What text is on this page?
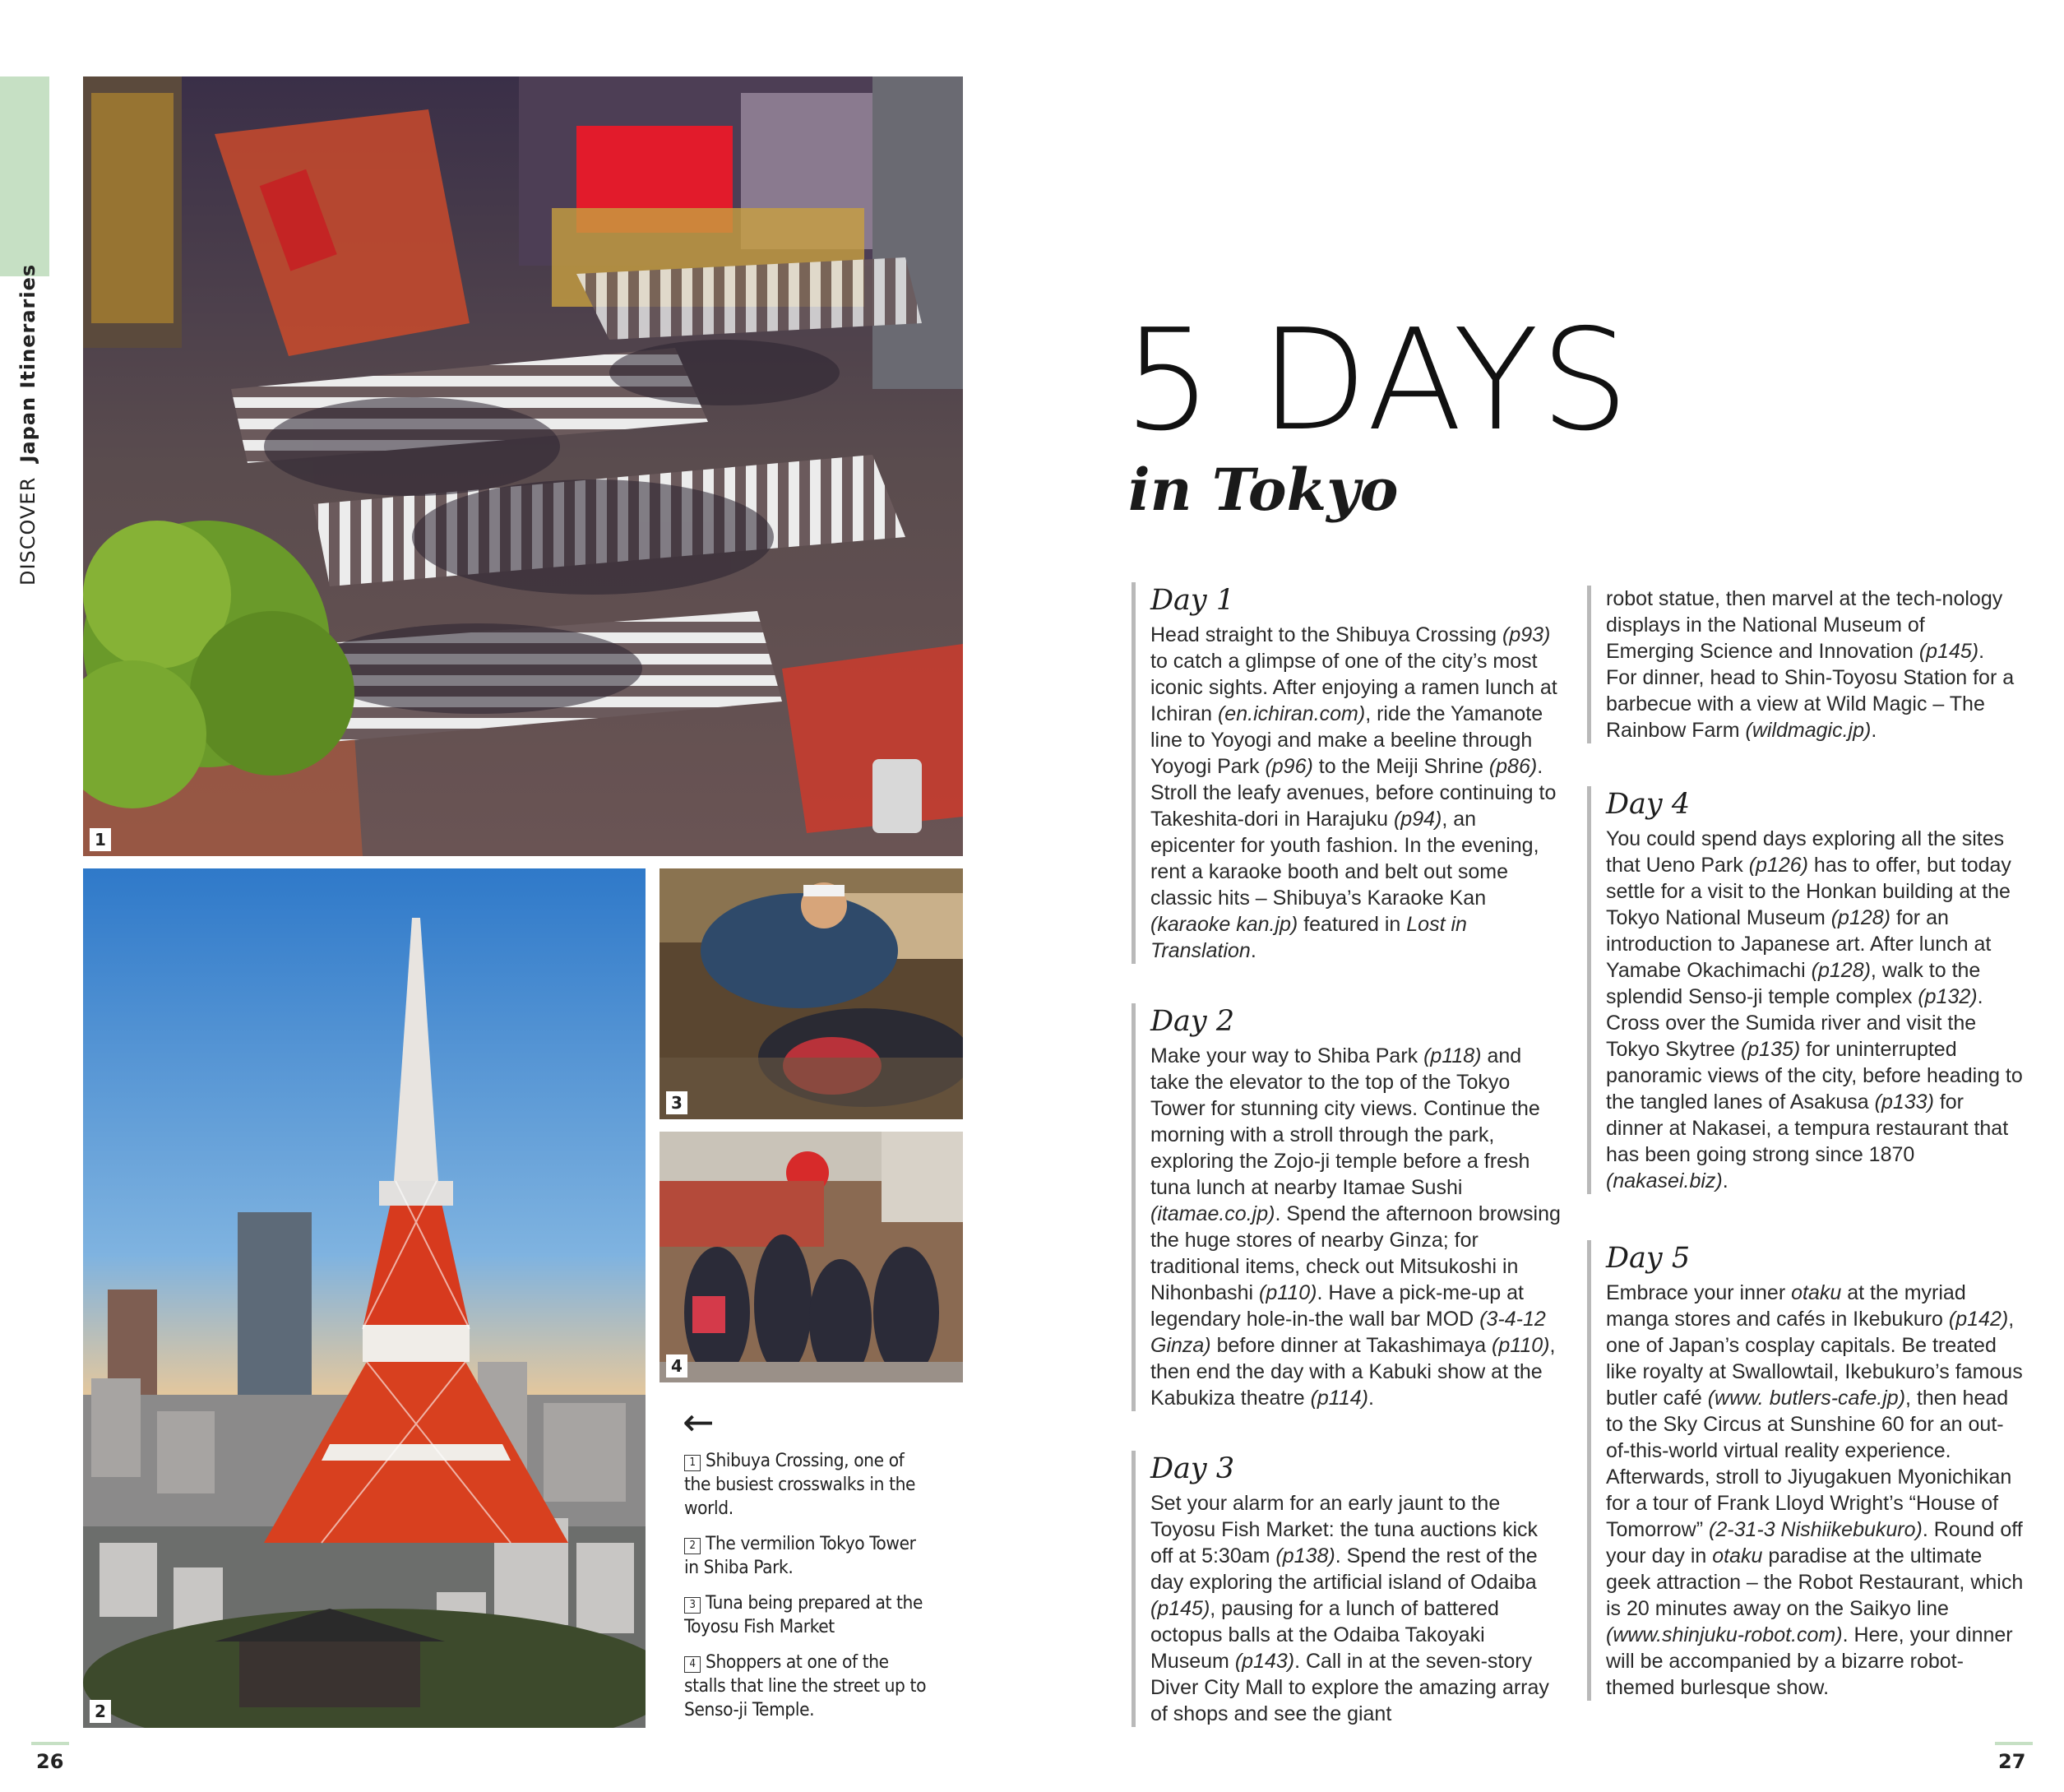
DISCOVER  Japan Itineraries
1
2
3
4
←
1 Shibuya Crossing, one of the busiest crosswalks in the world.
2 The vermilion Tokyo Tower in Shiba Park.
3 Tuna being prepared at the Toyosu Fish Market
4 Shoppers at one of the stalls that line the street up to Senso-ji Temple.
5 DAYS
in Tokyo
Day 1

Head straight to the Shibuya Crossing (p93) to catch a glimpse of one of the city’s most iconic sights. After enjoying a ramen lunch at Ichiran (en.ichiran.com), ride the Yamanote line to Yoyogi and make a beeline through Yoyogi Park (p96) to the Meiji Shrine (p86). Stroll the leafy avenues, before continuing to Takeshita-dori in Harajuku (p94), an epicenter for youth fashion. In the evening, rent a karaoke booth and belt out some classic hits – Shibuya’s Karaoke Kan (karaoke kan.jp) featured in Lost in Translation.

Day 2

Make your way to Shiba Park (p118) and take the elevator to the top of the Tokyo Tower for stunning city views. Continue the morning with a stroll through the park, exploring the Zojo-ji temple before a fresh tuna lunch at nearby Itamae Sushi (itamae.co.jp). Spend the afternoon browsing the huge stores of nearby Ginza; for traditional items, check out Mitsukoshi in Nihonbashi (p110). Have a pick-me-up at legendary hole-in-the wall bar MOD (3-4-12 Ginza) before dinner at Takashimaya (p110), then end the day with a Kabuki show at the Kabukiza theatre (p114).

Day 3

Set your alarm for an early jaunt to the Toyosu Fish Market: the tuna auctions kick off at 5:30am (p138). Spend the rest of the day exploring the artificial island of Odaiba (p145), pausing for a lunch of battered octopus balls at the Odaiba Takoyaki Museum (p143). Call in at the seven-story Diver City Mall to explore the amazing array of shops and see the giant

robot statue, then marvel at the tech-nology displays in the National Museum of Emerging Science and Innovation (p145). For dinner, head to Shin-Toyosu Station for a barbecue with a view at Wild Magic – The Rainbow Farm (wildmagic.jp).

Day 4

You could spend days exploring all the sites that Ueno Park (p126) has to offer, but today settle for a visit to the Honkan building at the Tokyo National Museum (p128) for an introduction to Japanese art. After lunch at Yamabe Okachimachi (p128), walk to the splendid Senso-ji temple complex (p132). Cross over the Sumida river and visit the Tokyo Skytree (p135) for uninterrupted panoramic views of the city, before heading to the tangled lanes of Asakusa (p133) for dinner at Nakasei, a tempura restaurant that has been going strong since 1870 (nakasei.biz).

Day 5

Embrace your inner otaku at the myriad manga stores and cafés in Ikebukuro (p142), one of Japan’s cosplay capitals. Be treated like royalty at Swallowtail, Ikebukuro’s famous butler café (www. butlers-cafe.jp), then head to the Sky Circus at Sunshine 60 for an out-of-this-world virtual reality experience. Afterwards, stroll to Jiyugakuen Myonichikan for a tour of Frank Lloyd Wright’s “House of Tomorrow” (2-31-3 Nishiikebukuro). Round off your day in otaku paradise at the ultimate geek attraction – the Robot Restaurant, which is 20 minutes away on the Saikyo line (www.shinjuku-robot.com). Here, your dinner will be accompanied by a bizarre robot-themed burlesque show.

26	27
